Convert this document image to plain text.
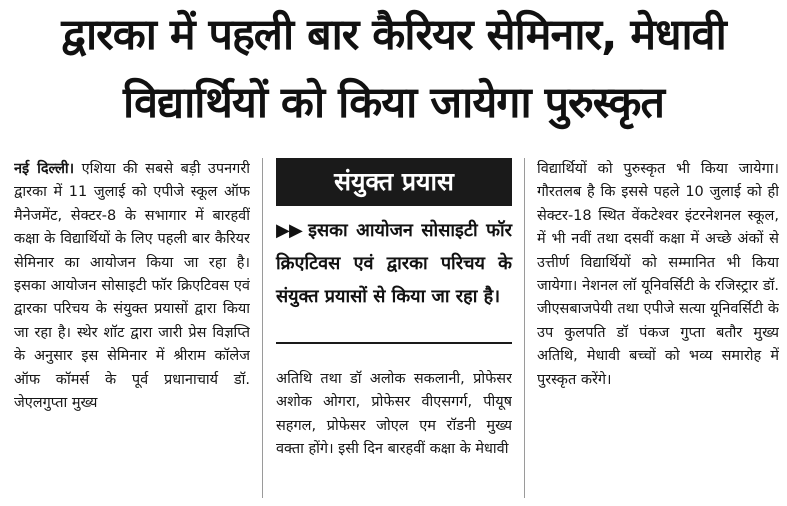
द्वारका में पहली बार कैरियर सेमिनार, मेधावी
विद्यार्थियों को किया जायेगा पुरुस्कृत
नई दिल्ली। एशिया की सबसे बड़ी उपनगरी द्वारका में 11 जुलाई को एपीजे स्कूल ऑफ मैनेजमेंट, सेक्टर-8 के सभागार में बारहवीं कक्षा के विद्यार्थियों के लिए पहली बार कैरियर सेमिनार का आयोजन किया जा रहा है। इसका आयोजन सोसाइटी फॉर क्रिएटिवस एवं द्वारका परिचय के संयुक्त प्रयासों द्वारा किया जा रहा है। स्थेर शॉट द्वारा जारी प्रेस विज्ञप्ति के अनुसार इस सेमिनार में श्रीराम कॉलेज ऑफ कॉमर्स के पूर्व प्रधानाचार्य डॉ. जेएलगुप्ता मुख्य
संयुक्त प्रयास
▶▶ इसका आयोजन सोसाइटी फॉर क्रिएटिवस एवं द्वारका परिचय के संयुक्त प्रयासों से किया जा रहा है।
अतिथि तथा डॉ अलोक सकलानी, प्रोफेसर अशोक ओगरा, प्रोफेसर वीएसगर्ग, पीयूष सहगल, प्रोफेसर जोएल एम रॉडनी मुख्य वक्ता होंगे। इसी दिन बारहवीं कक्षा के मेधावी
विद्यार्थियों को पुरुस्कृत भी किया जायेगा। गौरतलब है कि इससे पहले 10 जुलाई को ही सेक्टर-18 स्थित वेंकटेश्वर इंटरनेशनल स्कूल, में भी नवीं तथा दसवीं कक्षा में अच्छे अंकों से उत्तीर्ण विद्यार्थियों को सम्मानित भी किया जायेगा। नेशनल लॉ यूनिवर्सिटी के रजिस्ट्रार डॉ. जीएसबाजपेयी तथा एपीजे सत्या यूनिवर्सिटी के उप कुलपति डॉ पंकज गुप्ता बतौर मुख्य अतिथि, मेधावी बच्चों को भव्य समारोह में पुरस्कृत करेंगे।
